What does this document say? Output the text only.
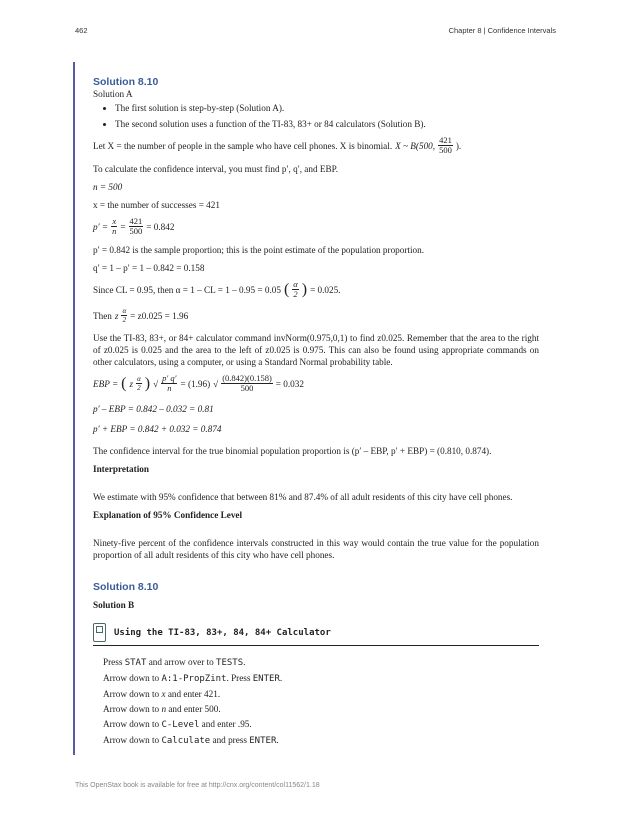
462	Chapter 8 | Confidence Intervals

Solution 8.10

Solution A

• The first solution is step-by-step (Solution A).
• The second solution uses a function of the TI-83, 83+ or 84 calculators (Solution B).
Let X = the number of people in the sample who have cell phones. X is binomial. X ~ B(500, $\frac{421}{500}$ ).

To calculate the confidence interval, you must find p′, q′, and EBP.

n = 500

x = the number of successes = 421

$p' = \frac{x}{n} = \frac{421}{500} = 0.842$

p′ = 0.842 is the sample proportion; this is the point estimate of the population proportion.

q′ = 1 – p′ = 1 – 0.842 = 0.158

Since CL = 0.95, then α = 1 – CL = 1 – 0.95 = 0.05 ( $\frac{\alpha}{2}$ ) = 0.025.
Then z $\frac{\alpha}{2} = z0.025 = 1.96$

Use the TI-83, 83+, or 84+ calculator command invNorm(0.975,0,1) to find z0.025. Remember that the area to the right of z0.025 is 0.025 and the area to the left of z0.025 is 0.975. This can also be found using appropriate commands on other calculators, using a computer, or using a Standard Normal probability table.

EBP = ( z $\frac{\alpha}{2}$ ) √ $\frac{p' q'}{n} = (1.96)$ √ $\frac{(0.842)(0.158)}{500} = 0.032$

p′ – EBP = 0.842 – 0.032 = 0.81

p′ + EBP = 0.842 + 0.032 = 0.874

The confidence interval for the true binomial population proportion is (p′ – EBP, p′ + EBP) = (0.810, 0.874).

Interpretation

We estimate with 95% confidence that between 81% and 87.4% of all adult residents of this city have cell phones.

Explanation of 95% Confidence Level

Ninety-five percent of the confidence intervals constructed in this way would contain the true value for the population proportion of all adult residents of this city who have cell phones.

Solution 8.10

Solution B

Using the TI-83, 83+, 84, 84+ Calculator

Press STAT and arrow over to TESTS.

Arrow down to A:1-PropZint. Press ENTER.

Arrow down to x and enter 421.

Arrow down to n and enter 500.

Arrow down to C-Level and enter .95.

Arrow down to Calculate and press ENTER.

This OpenStax book is available for free at http://cnx.org/content/col11562/1.18
